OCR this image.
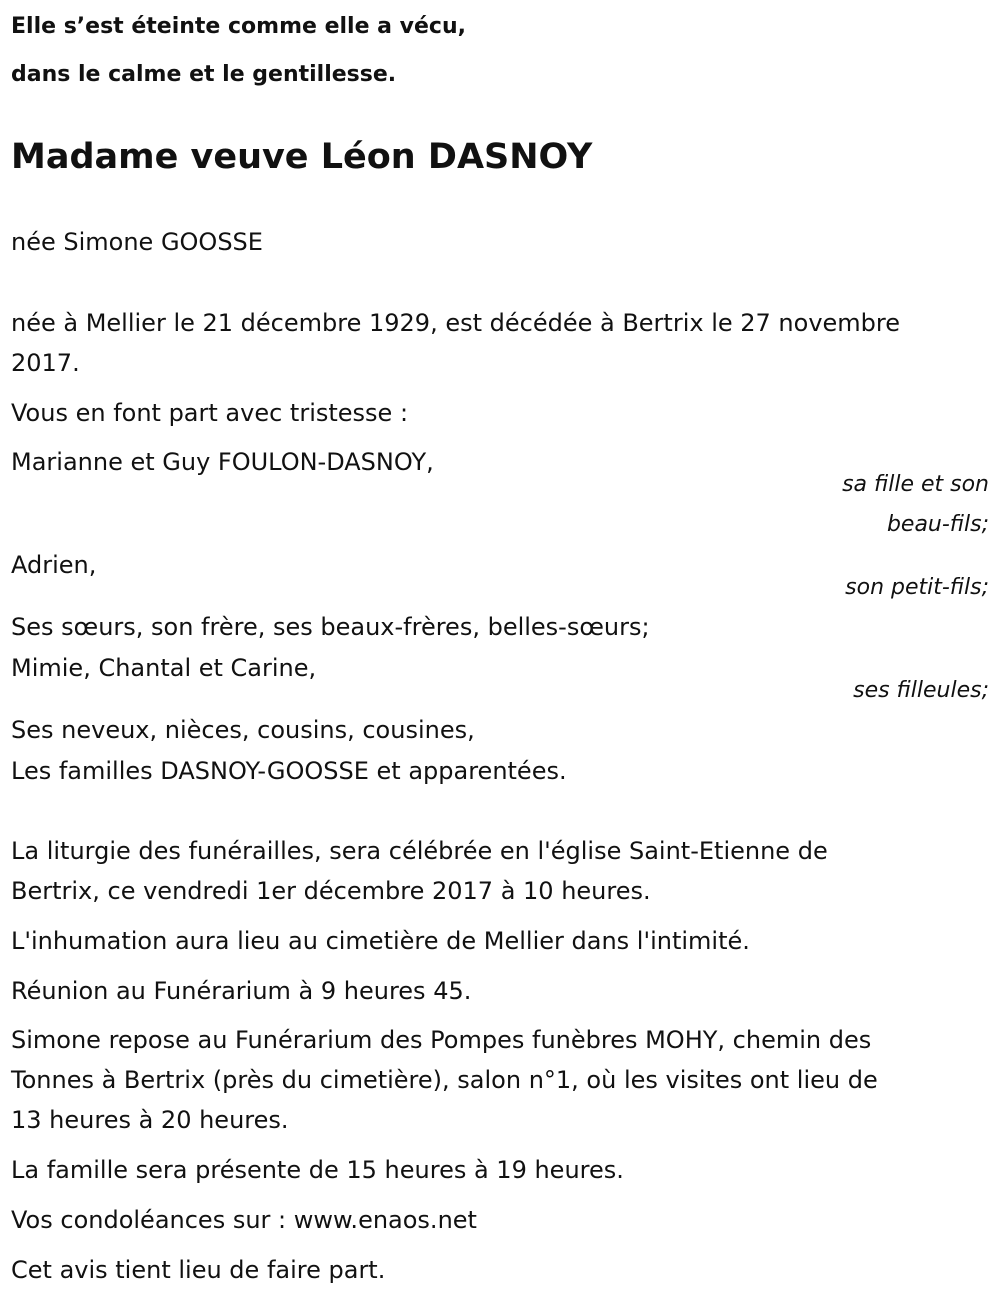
Elle s’est éteinte comme elle a vécu,

dans le calme et le gentillesse.

Madame veuve Léon DASNOY

née Simone GOOSSE

née à Mellier le 21 décembre 1929, est décédée à Bertrix le 27 novembre

2017.

Vous en font part avec tristesse :

Marianne et Guy FOULON-DASNOY,

sa fille et son

beau-fils;

Adrien,

son petit-fils;

Ses sœurs, son frère, ses beaux-frères, belles-sœurs;

Mimie, Chantal et Carine,

ses filleules;

Ses neveux, nièces, cousins, cousines,

Les familles DASNOY-GOOSSE et apparentées.

La liturgie des funérailles, sera célébrée en l'église Saint-Etienne de

Bertrix, ce vendredi 1er décembre 2017 à 10 heures.

L'inhumation aura lieu au cimetière de Mellier dans l'intimité.

Réunion au Funérarium à 9 heures 45.

Simone repose au Funérarium des Pompes funèbres MOHY, chemin des

Tonnes à Bertrix (près du cimetière), salon n°1, où les visites ont lieu de

13 heures à 20 heures.

La famille sera présente de 15 heures à 19 heures.

Vos condoléances sur : www.enaos.net

Cet avis tient lieu de faire part.
